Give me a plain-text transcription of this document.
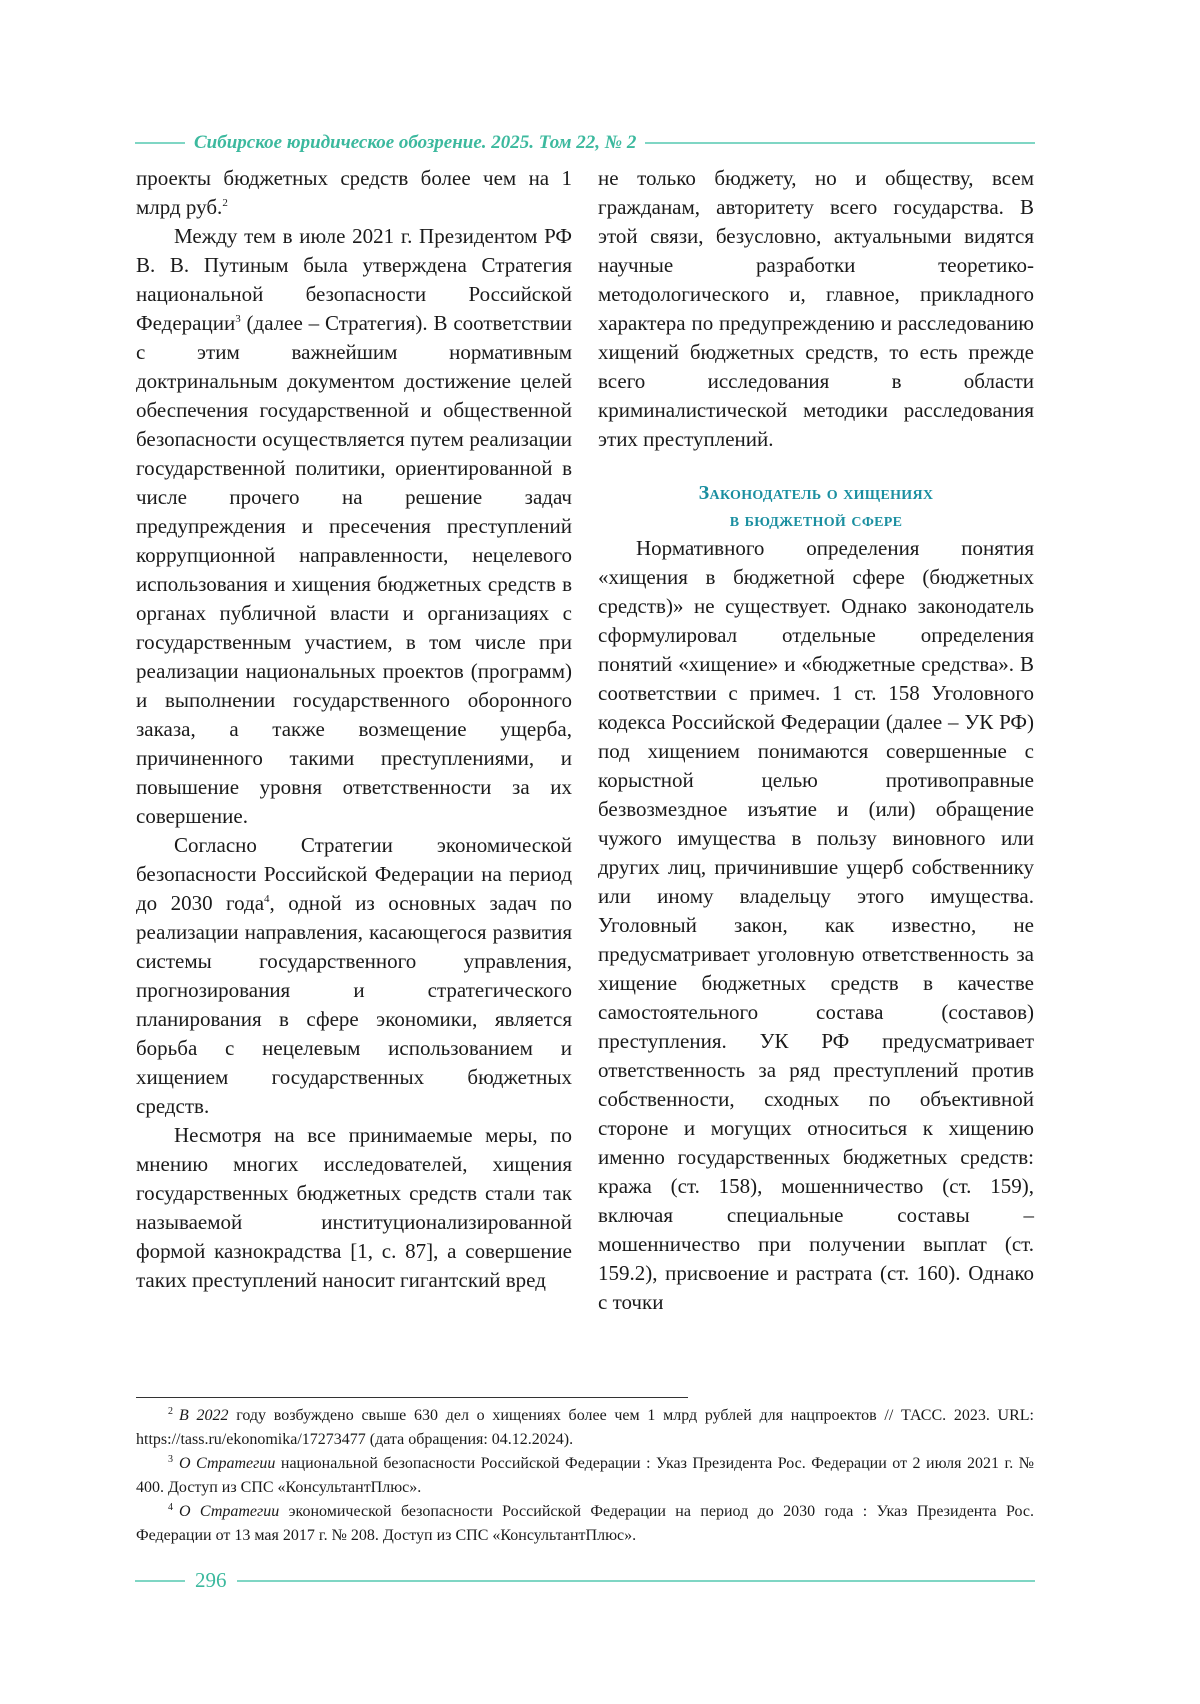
Сибирское юридическое обозрение. 2025. Том 22, № 2

проекты бюджетных средств более чем на 1 млрд руб.$^2$

Между тем в июле 2021 г. Президентом РФ В. В. Путиным была утверждена Стратегия национальной безопасности Российской Федерации$^3$ (далее – Стратегия). В соответствии с этим важнейшим нормативным доктринальным документом достижение целей обеспечения государственной и общественной безопасности осуществляется путем реализации государственной политики, ориентированной в числе прочего на решение задач предупреждения и пресечения преступлений коррупционной направленности, нецелевого использования и хищения бюджетных средств в органах публичной власти и организациях с государственным участием, в том числе при реализации национальных проектов (программ) и выполнении государственного оборонного заказа, а также возмещение ущерба, причиненного такими преступлениями, и повышение уровня ответственности за их совершение.

Согласно Стратегии экономической безопасности Российской Федерации на период до 2030 года$^4$, одной из основных задач по реализации направления, касающегося развития системы государственного управления, прогнозирования и стратегического планирования в сфере экономики, является борьба с нецелевым использованием и хищением государственных бюджетных средств.

Несмотря на все принимаемые меры, по мнению многих исследователей, хищения государственных бюджетных средств стали так называемой институционализированной формой казнокрадства [1, с. 87], а совершение таких преступлений наносит гигантский вред

не только бюджету, но и обществу, всем гражданам, авторитету всего государства. В этой связи, безусловно, актуальными видятся научные разработки теоретико-методологического и, главное, прикладного характера по предупреждению и расследованию хищений бюджетных средств, то есть прежде всего исследования в области криминалистической методики расследования этих преступлений.

Законодатель о хищениях
в бюджетной сфере

Нормативного определения понятия «хищения в бюджетной сфере (бюджетных средств)» не существует. Однако законодатель сформулировал отдельные определения понятий «хищение» и «бюджетные средства». В соответствии с примеч. 1 ст. 158 Уголовного кодекса Российской Федерации (далее – УК РФ) под хищением понимаются совершенные с корыстной целью противоправные безвозмездное изъятие и (или) обращение чужого имущества в пользу виновного или других лиц, причинившие ущерб собственнику или иному владельцу этого имущества. Уголовный закон, как известно, не предусматривает уголовную ответственность за хищение бюджетных средств в качестве самостоятельного состава (составов) преступления. УК РФ предусматривает ответственность за ряд преступлений против собственности, сходных по объективной стороне и могущих относиться к хищению именно государственных бюджетных средств: кража (ст. 158), мошенничество (ст. 159), включая специальные составы – мошенничество при получении выплат (ст. 159.2), присвоение и растрата (ст. 160). Однако с точки

$^2$ В 2022 году возбуждено свыше 630 дел о хищениях более чем 1 млрд рублей для нацпроектов // ТАСС. 2023. URL: https://tass.ru/ekonomika/17273477 (дата обращения: 04.12.2024).

$^3$ О Стратегии национальной безопасности Российской Федерации : Указ Президента Рос. Федерации от 2 июля 2021 г. № 400. Доступ из СПС «КонсультантПлюс».

$^4$ О Стратегии экономической безопасности Российской Федерации на период до 2030 года : Указ Президента Рос. Федерации от 13 мая 2017 г. № 208. Доступ из СПС «КонсультантПлюс».

296
